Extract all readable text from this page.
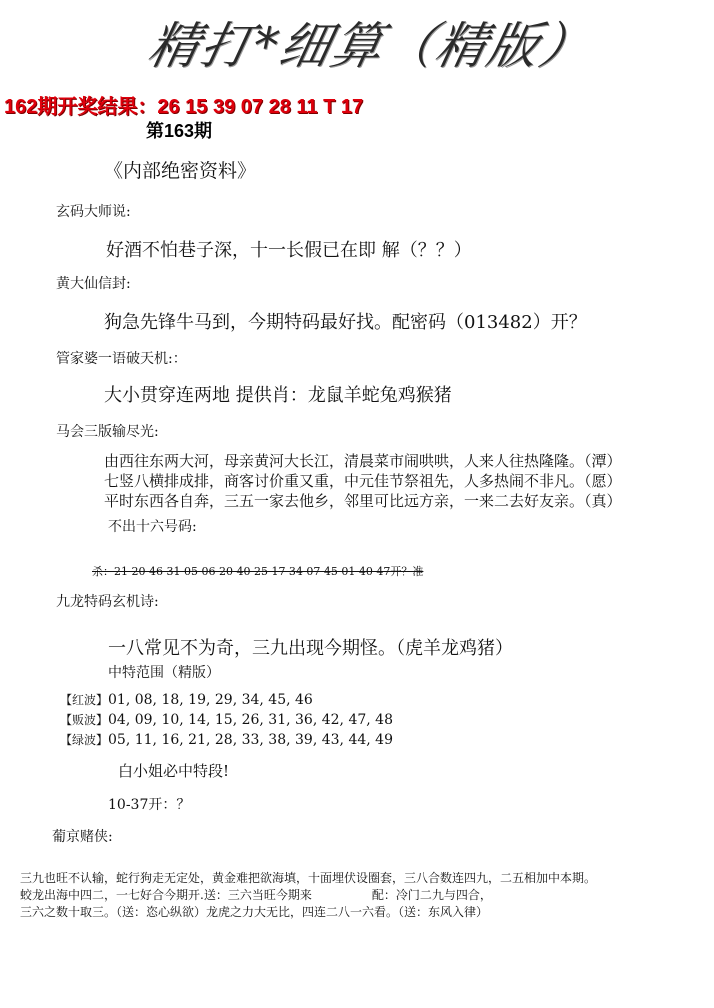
精打*细算（精版）
162期开奖结果：26 15 39 07 28 11 T 17
第163期
《内部绝密资料》
玄码大师说:
好酒不怕巷子深，十一长假已在即 解（？？）
黄大仙信封:
狗急先锋牛马到，今期特码最好找。配密码（013482）开？
管家婆一语破天机:：
大小贯穿连两地 提供肖：龙鼠羊蛇兔鸡猴猪
马会三版输尽光:
由西往东两大河，母亲黄河大长江，清晨菜市闹哄哄，人来人往热隆隆。（潭）
七竖八横排成排，商客讨价重又重，中元佳节祭祖先，人多热闹不非凡。（愿）
平时东西各自奔，三五一家去他乡，邻里可比远方亲，一来二去好友亲。（真）
不出十六号码:
杀：21 20 46 31 05 06 20 40 25 17 34 07 45 01 40 47开？准
九龙特码玄机诗:
一八常见不为奇，三九出现今期怪。（虎羊龙鸡猪）
中特范围（精版）
【红波】01, 08, 18, 19, 29, 34, 45, 46
【贩波】04, 09, 10, 14, 15, 26, 31, 36, 42, 47, 48
【绿波】05, 11, 16, 21, 28, 33, 38, 39, 43, 44, 49
白小姐必中特段!
10-37开：？
葡京赌侠:
三九也旺不认输，蛇行狗走无定处，黄金难把欲海填，十面埋伏设圈套，三八合数连四九，二五相加中本期。
蛟龙出海中四二，一七好合今期开.送：三六当旺今期来　　　　　配：冷门二九与四合，
三六之数十取三。（送：恣心纵欲）龙虎之力大无比，四连二八一六看。（送：东风入律）
